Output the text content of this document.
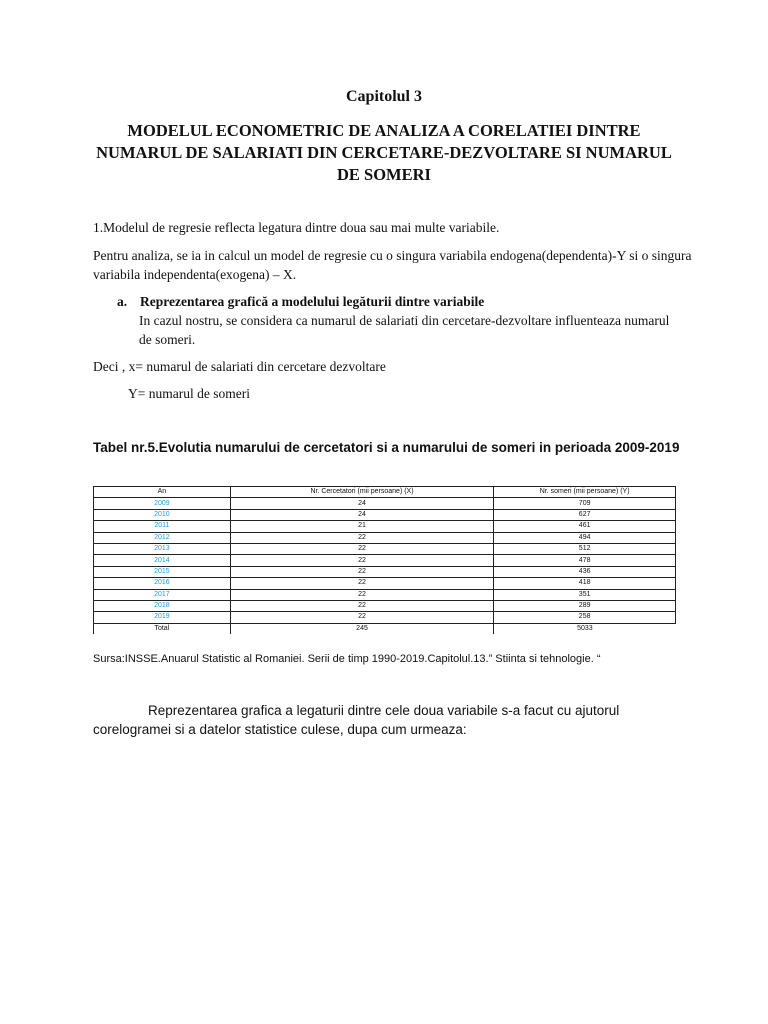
Capitolul 3
MODELUL ECONOMETRIC DE ANALIZA A CORELATIEI DINTRE NUMARUL DE SALARIATI DIN CERCETARE-DEZVOLTARE SI NUMARUL DE SOMERI
1.Modelul de regresie reflecta legatura dintre doua sau mai multe variabile.
Pentru analiza, se ia in calcul un model de regresie cu o singura variabila endogena(dependenta)-Y si o singura variabila independenta(exogena) – X.
a. Reprezentarea grafică a modelului legăturii dintre variabile
In cazul nostru, se considera ca numarul de salariati din cercetare-dezvoltare influenteaza numarul de someri.
Deci , x= numarul de salariati din cercetare dezvoltare
Y= numarul de someri
Tabel nr.5.Evolutia numarului de cercetatori si a numarului de someri in perioada 2009-2019
An	Nr. Cercetatori (mii persoane) (X)	Nr. someri (mii persoane) (Y)
2009	24	709
2010	24	627
2011	21	461
2012	22	494
2013	22	512
2014	22	478
2015	22	436
2016	22	418
2017	22	351
2018	22	289
2019	22	258
Total	245	5033
Sursa:INSSE.Anuarul Statistic al Romaniei. Serii de timp 1990-2019.Capitolul.13.” Stiinta si tehnologie. “
Reprezentarea grafica a legaturii dintre cele doua variabile s-a facut cu ajutorul corelogramei si a datelor statistice culese, dupa cum urmeaza:
